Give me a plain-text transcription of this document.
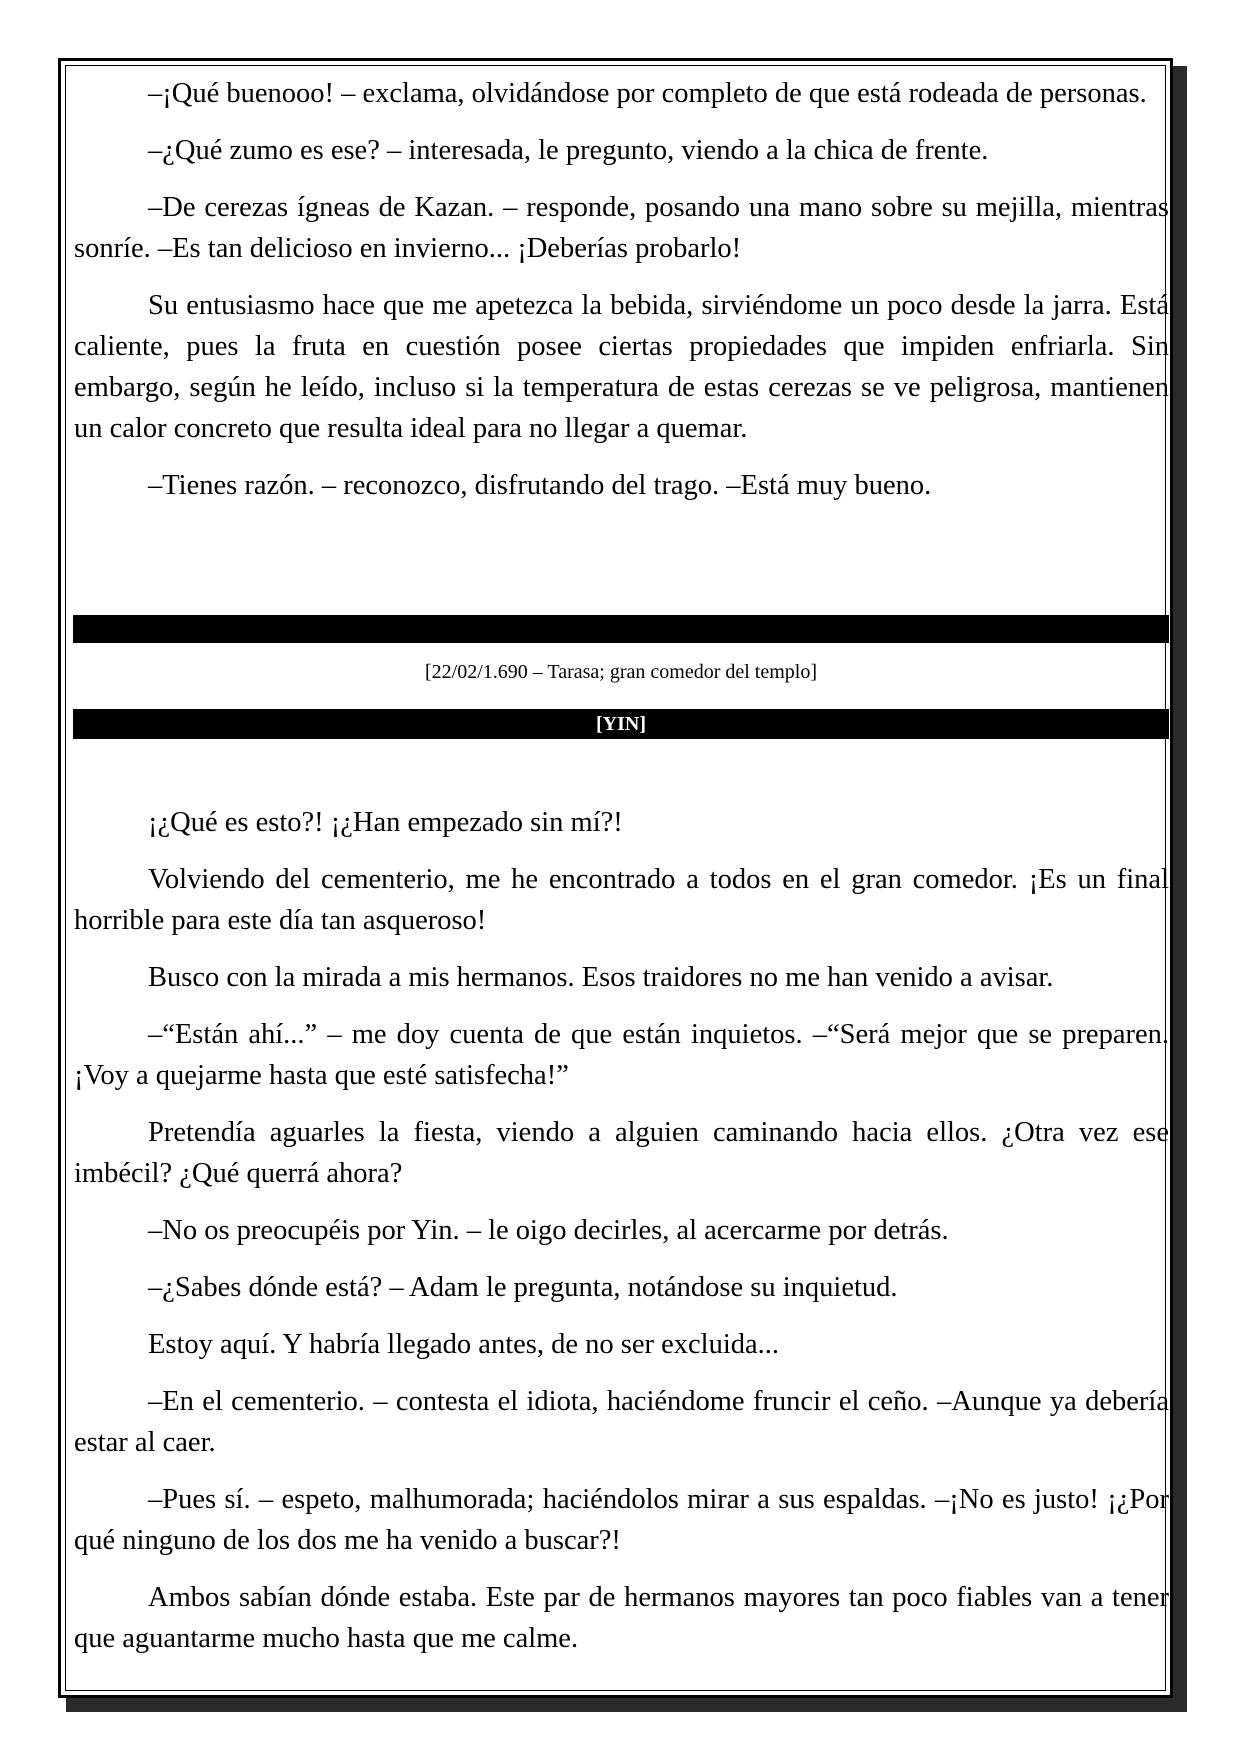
–¡Qué buenooo! – exclama, olvidándose por completo de que está rodeada de personas.

–¿Qué zumo es ese? – interesada, le pregunto, viendo a la chica de frente.

–De cerezas ígneas de Kazan. – responde, posando una mano sobre su mejilla, mientras sonríe. –Es tan delicioso en invierno... ¡Deberías probarlo!

Su entusiasmo hace que me apetezca la bebida, sirviéndome un poco desde la jarra. Está caliente, pues la fruta en cuestión posee ciertas propiedades que impiden enfriarla. Sin embargo, según he leído, incluso si la temperatura de estas cerezas se ve peligrosa, mantienen un calor concreto que resulta ideal para no llegar a quemar.

–Tienes razón. – reconozco, disfrutando del trago. –Está muy bueno.

[22/02/1.690 – Tarasa; gran comedor del templo]
[YIN]

¡¿Qué es esto?! ¡¿Han empezado sin mí?!

Volviendo del cementerio, me he encontrado a todos en el gran comedor. ¡Es un final horrible para este día tan asqueroso!

Busco con la mirada a mis hermanos. Esos traidores no me han venido a avisar.

–“Están ahí...” – me doy cuenta de que están inquietos. –“Será mejor que se preparen. ¡Voy a quejarme hasta que esté satisfecha!”

Pretendía aguarles la fiesta, viendo a alguien caminando hacia ellos. ¿Otra vez ese imbécil? ¿Qué querrá ahora?

–No os preocupéis por Yin. – le oigo decirles, al acercarme por detrás.

–¿Sabes dónde está? – Adam le pregunta, notándose su inquietud.

Estoy aquí. Y habría llegado antes, de no ser excluida...

–En el cementerio. – contesta el idiota, haciéndome fruncir el ceño. –Aunque ya debería estar al caer.

–Pues sí. – espeto, malhumorada; haciéndolos mirar a sus espaldas. –¡No es justo! ¡¿Por qué ninguno de los dos me ha venido a buscar?!

Ambos sabían dónde estaba. Este par de hermanos mayores tan poco fiables van a tener que aguantarme mucho hasta que me calme.
